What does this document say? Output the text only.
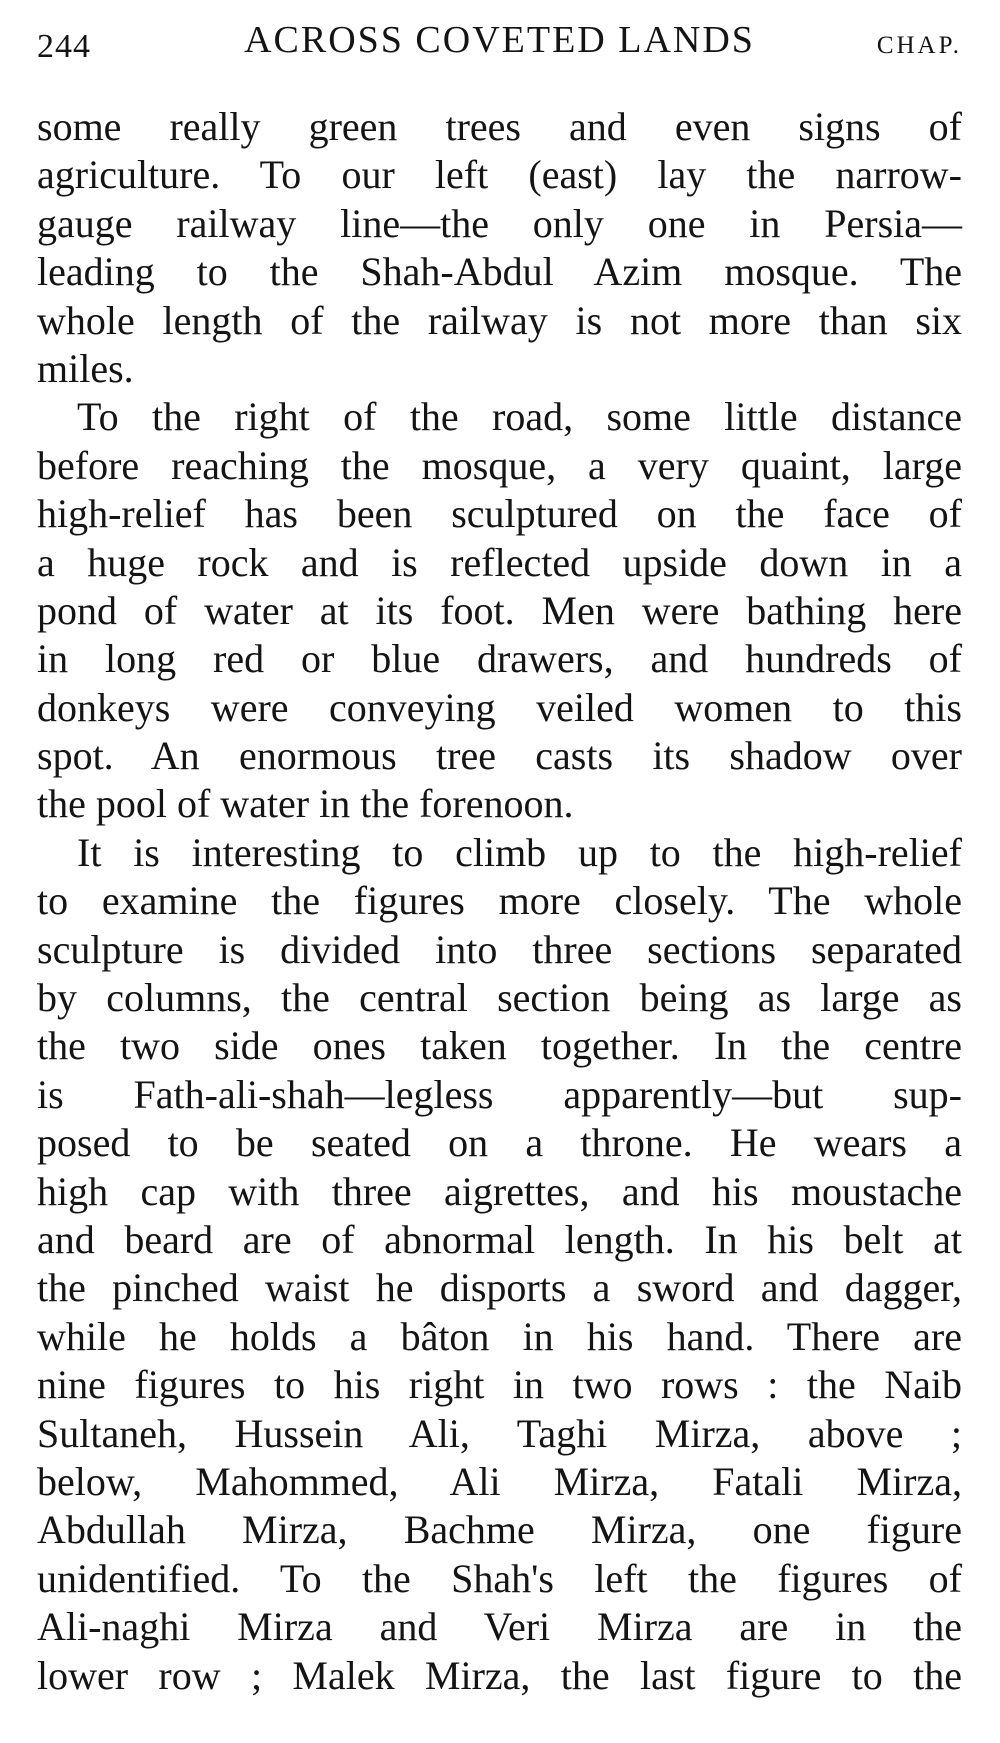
244	ACROSS COVETED LANDS	CHAP.
some really green trees and even signs of
agriculture. To our left (east) lay the narrow-
gauge railway line—the only one in Persia—
leading to the Shah-Abdul Azim mosque. The
whole length of the railway is not more than six
miles.
To the right of the road, some little distance
before reaching the mosque, a very quaint, large
high-relief has been sculptured on the face of
a huge rock and is reflected upside down in a
pond of water at its foot. Men were bathing here
in long red or blue drawers, and hundreds of
donkeys were conveying veiled women to this
spot. An enormous tree casts its shadow over
the pool of water in the forenoon.
It is interesting to climb up to the high-relief
to examine the figures more closely. The whole
sculpture is divided into three sections separated
by columns, the central section being as large as
the two side ones taken together. In the centre
is Fath-ali-shah—legless apparently—but sup-
posed to be seated on a throne. He wears a
high cap with three aigrettes, and his moustache
and beard are of abnormal length. In his belt at
the pinched waist he disports a sword and dagger,
while he holds a bâton in his hand. There are
nine figures to his right in two rows : the Naib
Sultaneh, Hussein Ali, Taghi Mirza, above ;
below, Mahommed, Ali Mirza, Fatali Mirza,
Abdullah Mirza, Bachme Mirza, one figure
unidentified. To the Shah's left the figures of
Ali-naghi Mirza and Veri Mirza are in the
lower row ; Malek Mirza, the last figure to the
